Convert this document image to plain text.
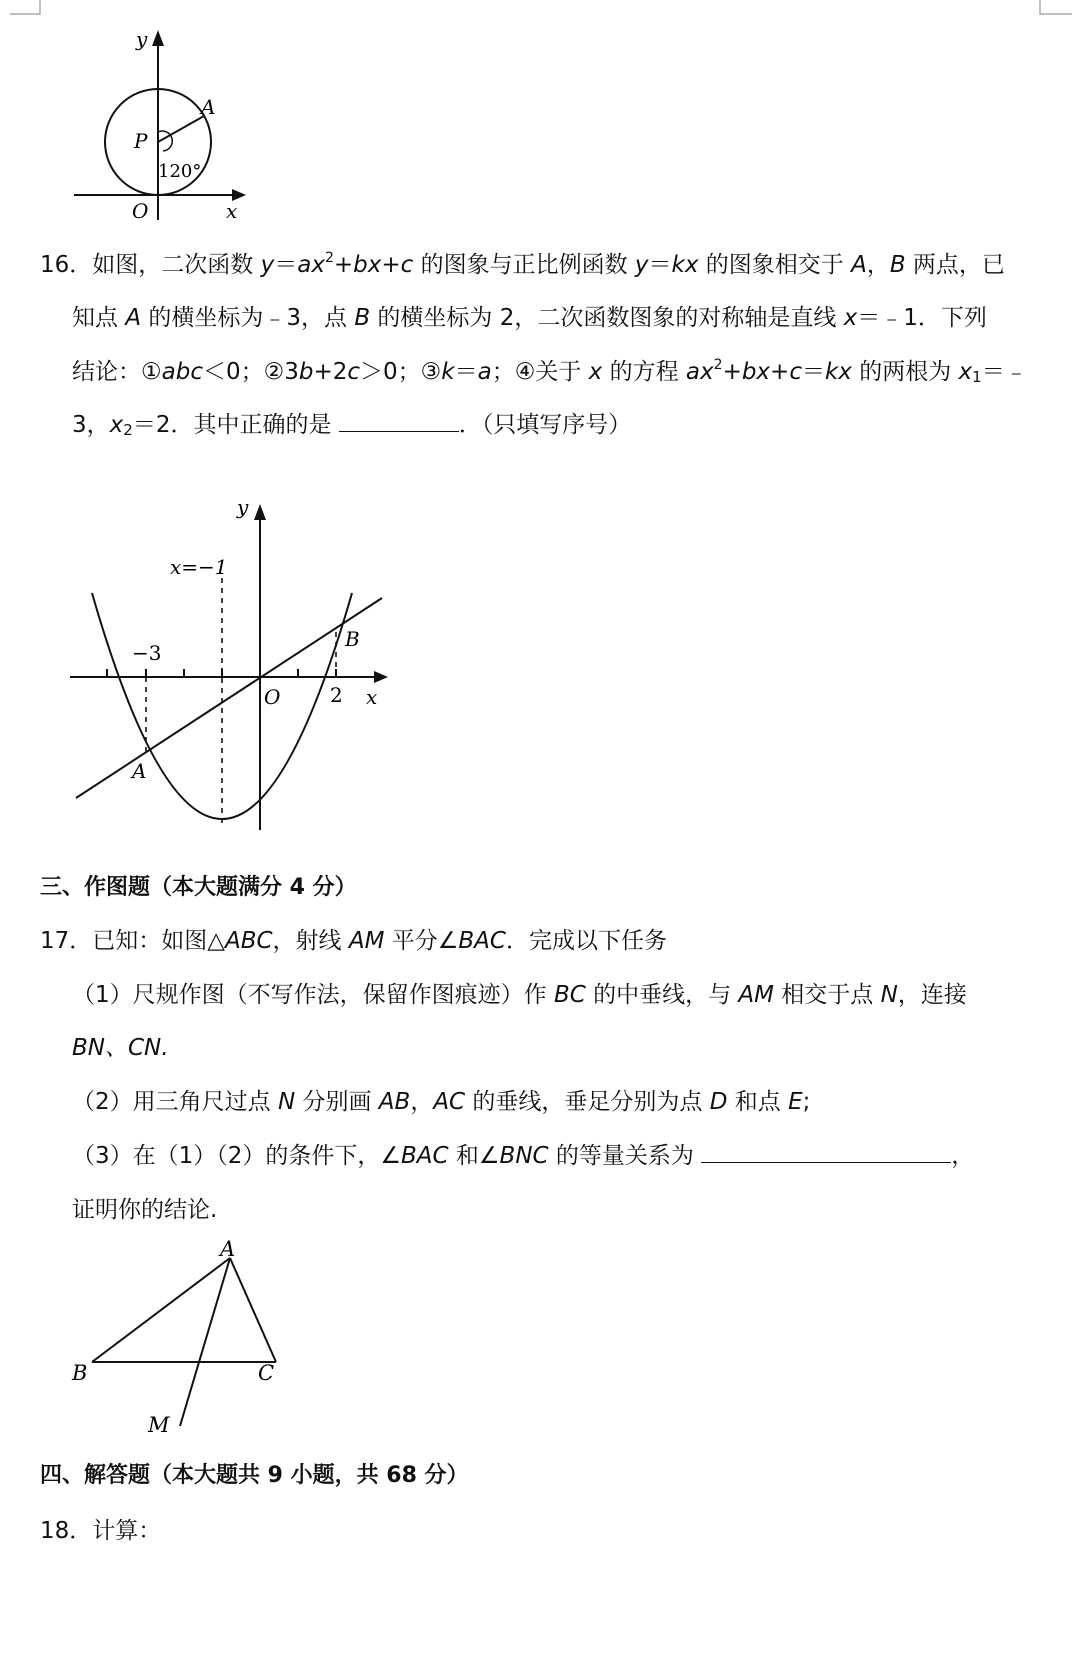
y
x
O
P
A
120°
16．如图，二次函数 $y=ax^2+bx+c$ 的图象与正比例函数 y＝kx 的图象相交于 A，B 两点，已
知点 A 的横坐标为﹣3，点 B 的横坐标为 2，二次函数图象的对称轴是直线 x＝﹣1．下列
结论：①abc＜0；②3b+2c＞0；③k＝a；④关于 x 的方程 $ax^2+bx+c=kx$ 的两根为 $x_1=﹣$
3，$x_2=2$．其中正确的是	．（只填写序号）
y
x
O
x=−1
−3
2
A
B
三、作图题（本大题满分 4 分）
17．已知：如图△ABC，射线 AM 平分∠BAC．完成以下任务
（1）尺规作图（不写作法，保留作图痕迹）作 BC 的中垂线，与 AM 相交于点 N，连接
BN、CN.
（2）用三角尺过点 N 分别画 AB，AC 的垂线，垂足分别为点 D 和点 E;
（3）在（1）（2）的条件下，∠BAC 和∠BNC 的等量关系为	，
证明你的结论.
A
B	C
M
四、解答题（本大题共 9 小题，共 68 分）
18．计算：
